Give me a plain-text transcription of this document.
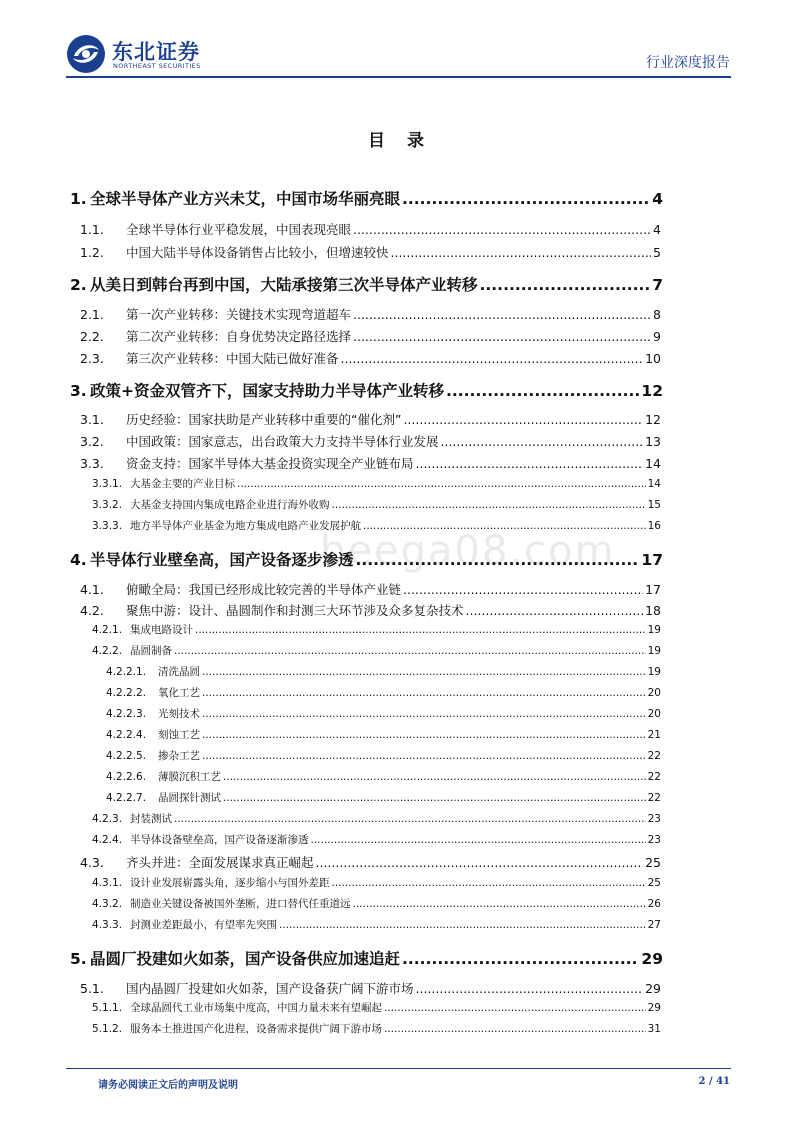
东北证券
NORTHEAST SECURITIES	行业深度报告
beega08.com
目 录
1. 全球半导体产业方兴未艾，中国市场华丽亮眼 .....	4
1.1.	全球半导体行业平稳发展，中国表现亮眼 .....	4
1.2.	中国大陆半导体设备销售占比较小，但增速较快 .....	5
2. 从美日到韩台再到中国，大陆承接第三次半导体产业转移 .....	7
2.1.	第一次产业转移：关键技术实现弯道超车 .....	8
2.2.	第二次产业转移：自身优势决定路径选择 .....	9
2.3.	第三次产业转移：中国大陆已做好准备 .....	10
3. 政策+资金双管齐下，国家支持助力半导体产业转移 .....	12
3.1.	历史经验：国家扶助是产业转移中重要的“催化剂” .....	12
3.2.	中国政策：国家意志，出台政策大力支持半导体行业发展 .....	13
3.3.	资金支持：国家半导体大基金投资实现全产业链布局 .....	14
3.3.1. 大基金主要的产业目标 .....	14
3.3.2. 大基金支持国内集成电路企业进行海外收购 .....	15
3.3.3. 地方半导体产业基金为地方集成电路产业发展护航 .....	16
4. 半导体行业壁垒高，国产设备逐步渗透 .....	17
4.1.	俯瞰全局：我国已经形成比较完善的半导体产业链 .....	17
4.2.	聚焦中游：设计、晶圆制作和封测三大环节涉及众多复杂技术 .....	18
4.2.1. 集成电路设计 .....	19
4.2.2. 晶圆制备 .....	19
4.2.2.1.	清洗晶圆 .....	19
4.2.2.2.	氧化工艺 .....	20
4.2.2.3.	光刻技术 .....	20
4.2.2.4.	刻蚀工艺 .....	21
4.2.2.5.	掺杂工艺 .....	22
4.2.2.6.	薄膜沉积工艺 .....	22
4.2.2.7.	晶圆探针测试 .....	22
4.2.3. 封装测试 .....	23
4.2.4. 半导体设备壁垒高，国产设备逐渐渗透 .....	23
4.3.	齐头并进：全面发展谋求真正崛起 .....	25
4.3.1. 设计业发展崭露头角，逐步缩小与国外差距 .....	25
4.3.2. 制造业关键设备被国外垄断，进口替代任重道远 .....	26
4.3.3. 封测业差距最小，有望率先突围 .....	27
5. 晶圆厂投建如火如荼，国产设备供应加速追赶 .....	29
5.1.	国内晶圆厂投建如火如荼，国产设备获广阔下游市场 .....	29
5.1.1. 全球晶圆代工业市场集中度高，中国力量未来有望崛起 .....	29
5.1.2. 服务本土推进国产化进程，设备需求提供广阔下游市场 .....	31
请务必阅读正文后的声明及说明	2 / 41
